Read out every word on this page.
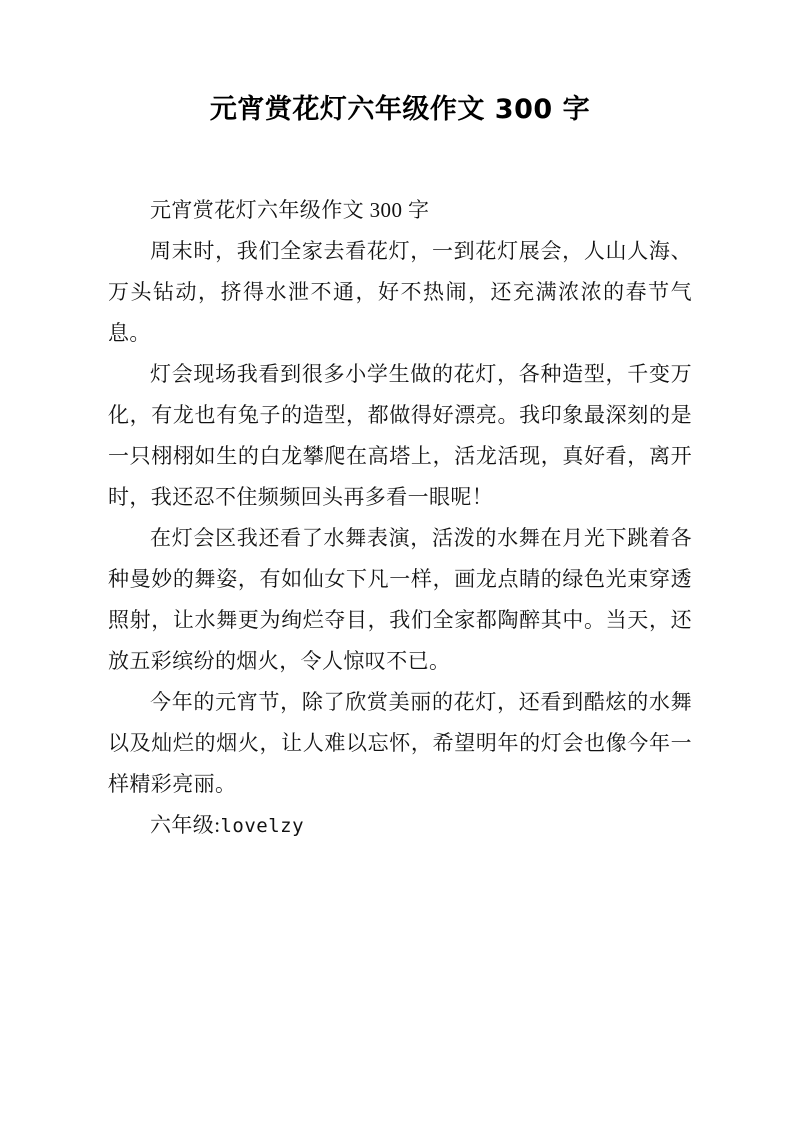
元宵赏花灯六年级作文 300 字

元宵赏花灯六年级作文 300 字

周末时，我们全家去看花灯，一到花灯展会，人山人海、万头钻动，挤得水泄不通，好不热闹，还充满浓浓的春节气息。

灯会现场我看到很多小学生做的花灯，各种造型，千变万化，有龙也有兔子的造型，都做得好漂亮。我印象最深刻的是一只栩栩如生的白龙攀爬在高塔上，活龙活现，真好看，离开时，我还忍不住频频回头再多看一眼呢！

在灯会区我还看了水舞表演，活泼的水舞在月光下跳着各种曼妙的舞姿，有如仙女下凡一样，画龙点睛的绿色光束穿透照射，让水舞更为绚烂夺目，我们全家都陶醉其中。当天，还放五彩缤纷的烟火，令人惊叹不已。

今年的元宵节，除了欣赏美丽的花灯，还看到酷炫的水舞以及灿烂的烟火，让人难以忘怀，希望明年的灯会也像今年一样精彩亮丽。

六年级:lovelzy
